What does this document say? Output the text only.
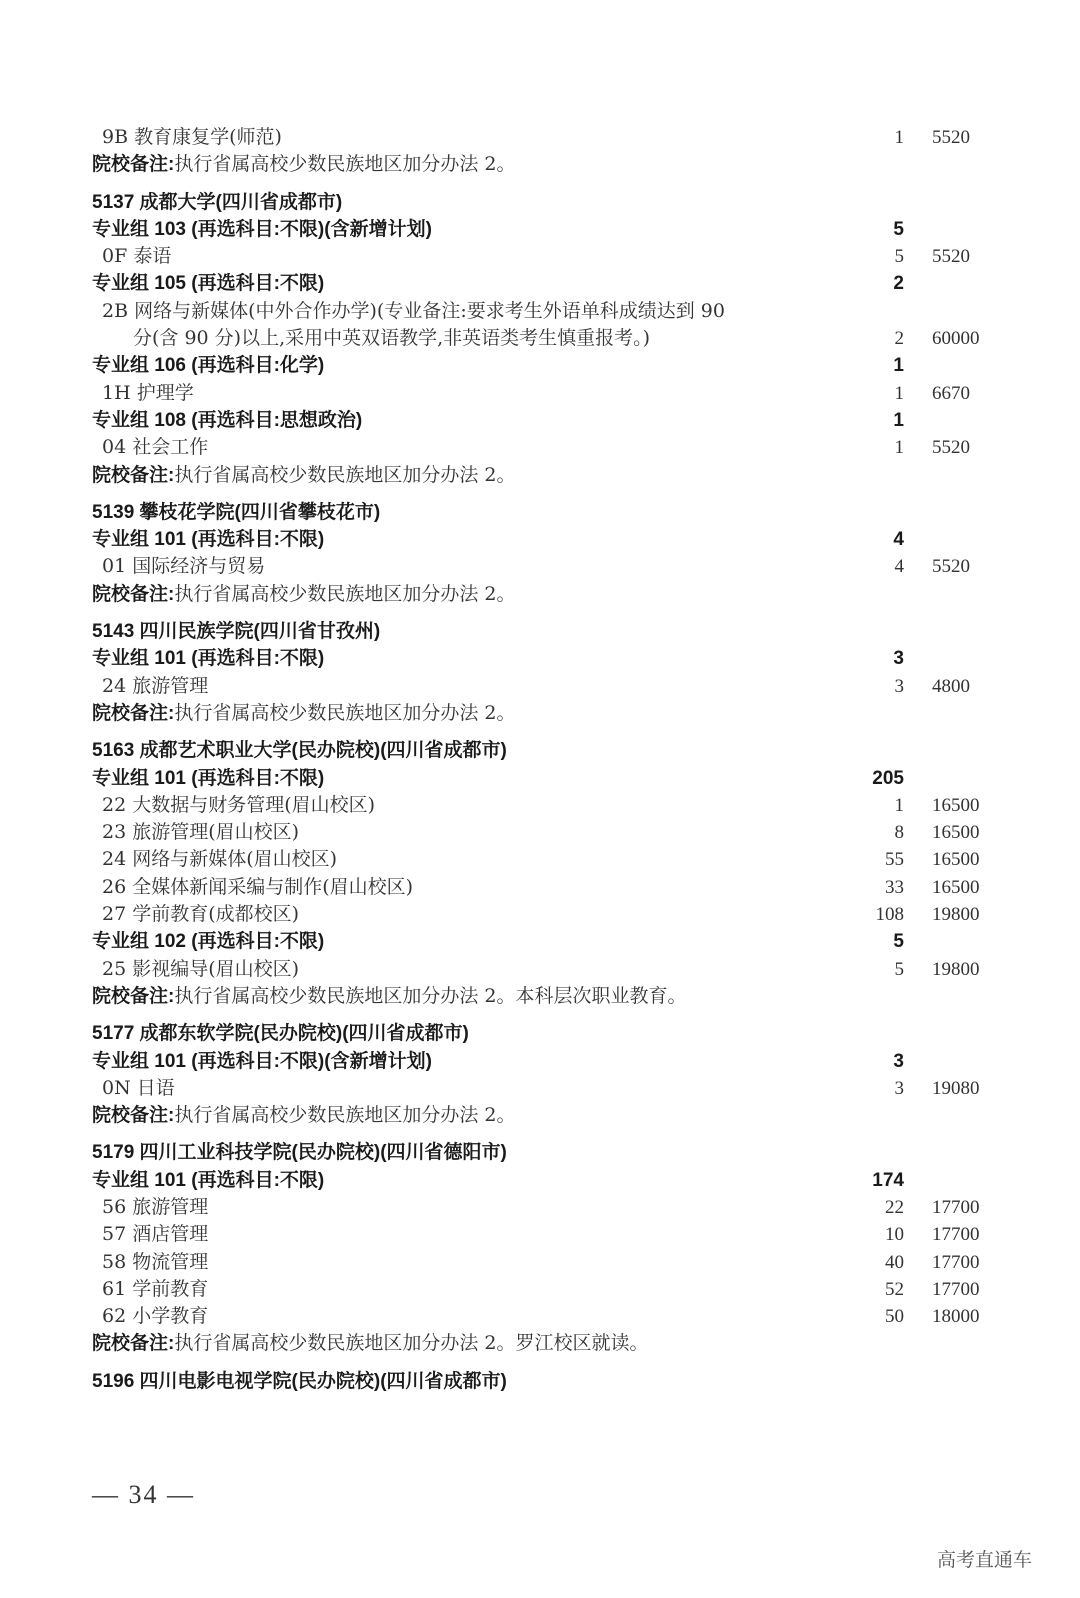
9B 教育康复学(师范)	1 5520
院校备注:执行省属高校少数民族地区加分办法 2。
5137 成都大学(四川省成都市)
专业组 103 (再选科目:不限)(含新增计划)	5
0F 泰语	5 5520
专业组 105 (再选科目:不限)	2
2B 网络与新媒体(中外合作办学)(专业备注:要求考生外语单科成绩达到 90
分(含 90 分)以上,采用中英双语教学,非英语类考生慎重报考。)	2 60000
专业组 106 (再选科目:化学)	1
1H 护理学	1 6670
专业组 108 (再选科目:思想政治)	1
04 社会工作	1 5520
院校备注:执行省属高校少数民族地区加分办法 2。
5139 攀枝花学院(四川省攀枝花市)
专业组 101 (再选科目:不限)	4
01 国际经济与贸易	4 5520
院校备注:执行省属高校少数民族地区加分办法 2。
5143 四川民族学院(四川省甘孜州)
专业组 101 (再选科目:不限)	3
24 旅游管理	3 4800
院校备注:执行省属高校少数民族地区加分办法 2。
5163 成都艺术职业大学(民办院校)(四川省成都市)
专业组 101 (再选科目:不限)	205
22 大数据与财务管理(眉山校区)	1 16500
23 旅游管理(眉山校区)	8 16500
24 网络与新媒体(眉山校区)	55 16500
26 全媒体新闻采编与制作(眉山校区)	33 16500
27 学前教育(成都校区)	108 19800
专业组 102 (再选科目:不限)	5
25 影视编导(眉山校区)	5 19800
院校备注:执行省属高校少数民族地区加分办法 2。本科层次职业教育。
5177 成都东软学院(民办院校)(四川省成都市)
专业组 101 (再选科目:不限)(含新增计划)	3
0N 日语	3 19080
院校备注:执行省属高校少数民族地区加分办法 2。
5179 四川工业科技学院(民办院校)(四川省德阳市)
专业组 101 (再选科目:不限)	174
56 旅游管理	22 17700
57 酒店管理	10 17700
58 物流管理	40 17700
61 学前教育	52 17700
62 小学教育	50 18000
院校备注:执行省属高校少数民族地区加分办法 2。罗江校区就读。
5196 四川电影电视学院(民办院校)(四川省成都市)
— 34 —
高考直通车
